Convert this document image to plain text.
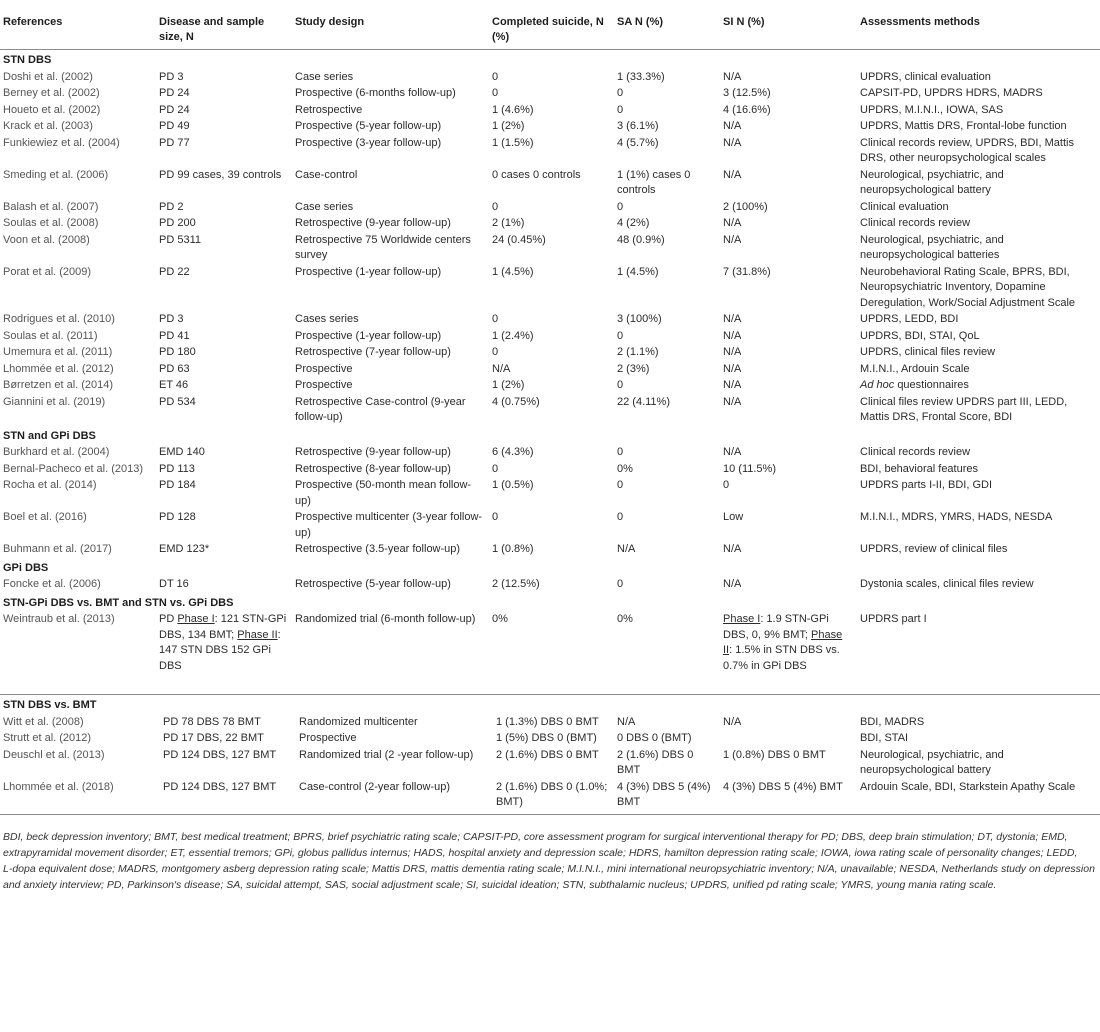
References	Disease and sample size, N	Study design	Completed suicide, N (%)	SA N (%)	SI N (%)	Assessments methods
STN DBS						
Doshi et al. (2002)	PD 3	Case series	0	1 (33.3%)	N/A	UPDRS, clinical evaluation
Berney et al. (2002)	PD 24	Prospective (6-months follow-up)	0	0	3 (12.5%)	CAPSIT-PD, UPDRS HDRS, MADRS
Houeto et al. (2002)	PD 24	Retrospective	1 (4.6%)	0	4 (16.6%)	UPDRS, M.I.N.I., IOWA, SAS
Krack et al. (2003)	PD 49	Prospective (5-year follow-up)	1 (2%)	3 (6.1%)	N/A	UPDRS, Mattis DRS, Frontal-lobe function
Funkiewiez et al. (2004)	PD 77	Prospective (3-year follow-up)	1 (1.5%)	4 (5.7%)	N/A	Clinical records review, UPDRS, BDI, Mattis DRS, other neuropsychological scales
Smeding et al. (2006)	PD 99 cases, 39 controls	Case-control	0 cases 0 controls	1 (1%) cases 0 controls	N/A	Neurological, psychiatric, and neuropsychological battery
Balash et al. (2007)	PD 2	Case series	0	0	2 (100%)	Clinical evaluation
Soulas et al. (2008)	PD 200	Retrospective (9-year follow-up)	2 (1%)	4 (2%)	N/A	Clinical records review
Voon et al. (2008)	PD 5311	Retrospective 75 Worldwide centers survey	24 (0.45%)	48 (0.9%)	N/A	Neurological, psychiatric, and neuropsychological batteries
Porat et al. (2009)	PD 22	Prospective (1-year follow-up)	1 (4.5%)	1 (4.5%)	7 (31.8%)	Neurobehavioral Rating Scale, BPRS, BDI, Neuropsychiatric Inventory, Dopamine Deregulation, Work/Social Adjustment Scale
Rodrigues et al. (2010)	PD 3	Cases series	0	3 (100%)	N/A	UPDRS, LEDD, BDI
Soulas et al. (2011)	PD 41	Prospective (1-year follow-up)	1 (2.4%)	0	N/A	UPDRS, BDI, STAI, QoL
Umemura et al. (2011)	PD 180	Retrospective (7-year follow-up)	0	2 (1.1%)	N/A	UPDRS, clinical files review
Lhommée et al. (2012)	PD 63	Prospective	N/A	2 (3%)	N/A	M.I.N.I., Ardouin Scale
Børretzen et al. (2014)	ET 46	Prospective	1 (2%)	0	N/A	Ad hoc questionnaires
Giannini et al. (2019)	PD 534	Retrospective Case-control (9-year follow-up)	4 (0.75%)	22 (4.11%)	N/A	Clinical files review UPDRS part III, LEDD, Mattis DRS, Frontal Score, BDI
STN and GPi DBS						
Burkhard et al. (2004)	EMD 140	Retrospective (9-year follow-up)	6 (4.3%)	0	N/A	Clinical records review
Bernal-Pacheco et al. (2013)	PD 113	Retrospective (8-year follow-up)	0	0%	10 (11.5%)	BDI, behavioral features
Rocha et al. (2014)	PD 184	Prospective (50-month mean follow-up)	1 (0.5%)	0	0	UPDRS parts I-II, BDI, GDI
Boel et al. (2016)	PD 128	Prospective multicenter (3-year follow-up)	0	0	Low	M.I.N.I., MDRS, YMRS, HADS, NESDA
Buhmann et al. (2017)	EMD 123*	Retrospective (3.5-year follow-up)	1 (0.8%)	N/A	N/A	UPDRS, review of clinical files
GPi DBS						
Foncke et al. (2006)	DT 16	Retrospective (5-year follow-up)	2 (12.5%)	0	N/A	Dystonia scales, clinical files review
STN-GPi DBS vs. BMT and STN vs. GPi DBS						
Weintraub et al. (2013)	PD Phase I: 121 STN-GPi DBS, 134 BMT; Phase II: 147 STN DBS 152 GPi DBS	Randomized trial (6-month follow-up)	0%	0%	Phase I: 1.9 STN-GPi DBS, 0, 9% BMT; Phase II: 1.5% in STN DBS vs. 0.7% in GPi DBS	UPDRS part I

STN DBS vs. BMT						
Witt et al. (2008)	PD 78 DBS 78 BMT	Randomized multicenter	1 (1.3%) DBS 0 BMT	N/A	N/A	BDI, MADRS
Strutt et al. (2012)	PD 17 DBS, 22 BMT	Prospective	1 (5%) DBS 0 (BMT)	0 DBS 0 (BMT)		BDI, STAI
Deuschl et al. (2013)	PD 124 DBS, 127 BMT	Randomized trial (2 -year follow-up)	2 (1.6%) DBS 0 BMT	2 (1.6%) DBS 0 BMT	1 (0.8%) DBS 0 BMT	Neurological, psychiatric, and neuropsychological battery
Lhommée et al. (2018)	PD 124 DBS, 127 BMT	Case-control (2-year follow-up)	2 (1.6%) DBS 0 (1.0%; BMT)	4 (3%) DBS 5 (4%) BMT	4 (3%) DBS 5 (4%) BMT	Ardouin Scale, BDI, Starkstein Apathy Scale
BDI, beck depression inventory; BMT, best medical treatment; BPRS, brief psychiatric rating scale; CAPSIT-PD, core assessment program for surgical interventional therapy for PD; DBS, deep brain stimulation; DT, dystonia; EMD,
extrapyramidal movement disorder; ET, essential tremors; GPi, globus pallidus internus; HADS, hospital anxiety and depression scale; HDRS, hamilton depression rating scale; IOWA, iowa rating scale of personality changes; LEDD,
L-dopa equivalent dose; MADRS, montgomery asberg depression rating scale; Mattis DRS, mattis dementia rating scale; M.I.N.I., mini international neuropsychiatric inventory; N/A, unavailable; NESDA, Netherlands study on depression
and anxiety interview; PD, Parkinson's disease; SA, suicidal attempt, SAS, social adjustment scale; SI, suicidal ideation; STN, subthalamic nucleus; UPDRS, unified pd rating scale; YMRS, young mania rating scale.
